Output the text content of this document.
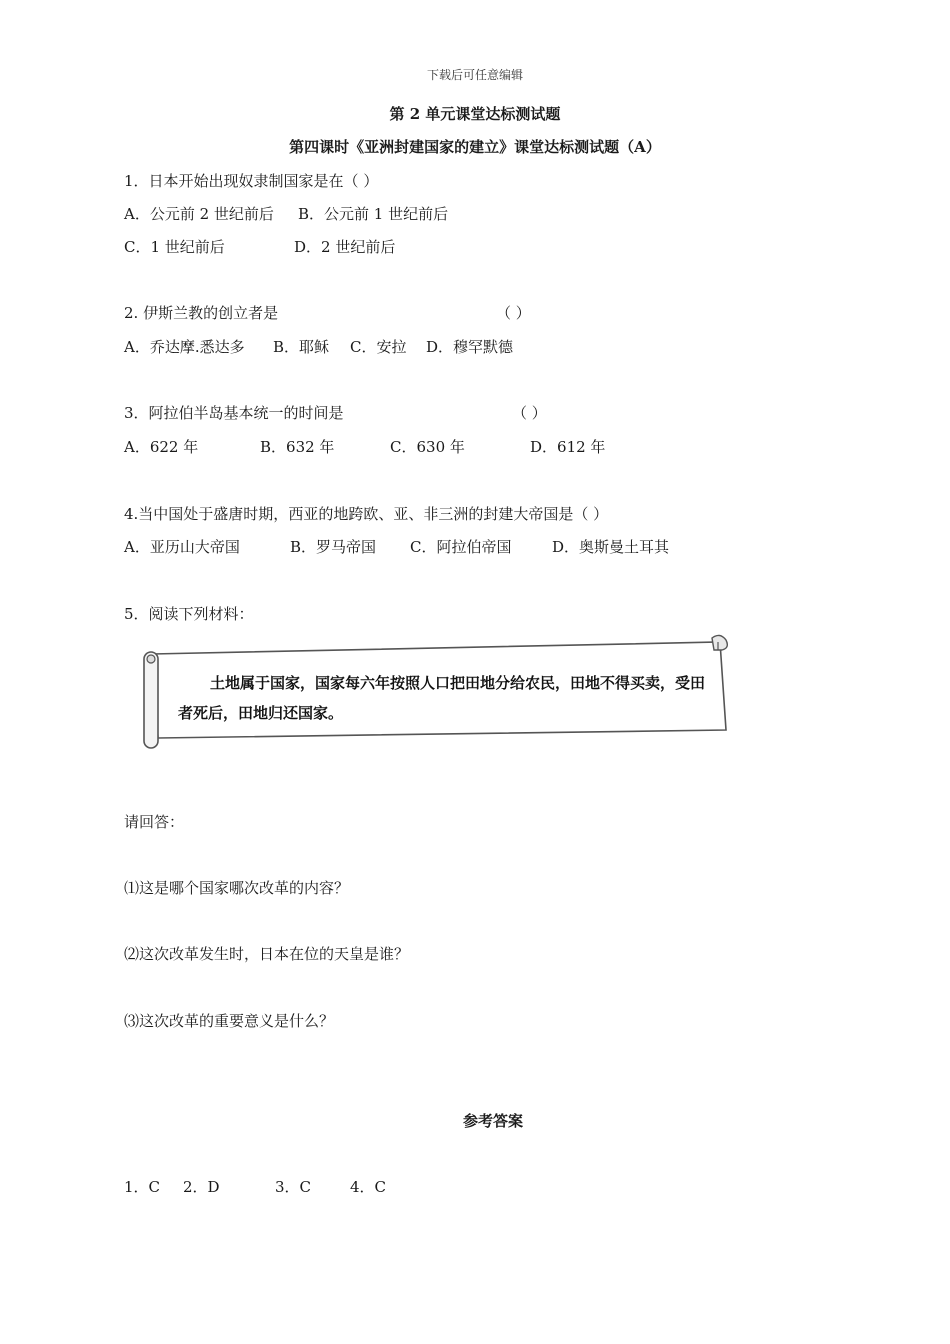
下载后可任意编辑
第 2 单元课堂达标测试题
第四课时《亚洲封建国家的建立》课堂达标测试题（A）
1．日本开始出现奴隶制国家是在（ ）
A．公元前 2 世纪前后 B．公元前 1 世纪前后
C．1 世纪前后	D．2 世纪前后
2. 伊斯兰教的创立者是	（ ）
A．乔达摩.悉达多 B．耶稣 C．安拉 D．穆罕默德
3．阿拉伯半岛基本统一的时间是	（ ）
A．622 年	B．632 年	C．630 年	D．612 年
4.当中国处于盛唐时期，西亚的地跨欧、亚、非三洲的封建大帝国是（ ）
A．亚历山大帝国	B．罗马帝国 C．阿拉伯帝国	D．奥斯曼土耳其
5．阅读下列材料：
土地属于国家，国家每六年按照人口把田地分给农民，田地不得买卖，受田者死后，田地归还国家。
请回答：
⑴这是哪个国家哪次改革的内容？
⑵这次改革发生时，日本在位的天皇是谁？
⑶这次改革的重要意义是什么？
参考答案
1．C 2．D	3．C	4．C
